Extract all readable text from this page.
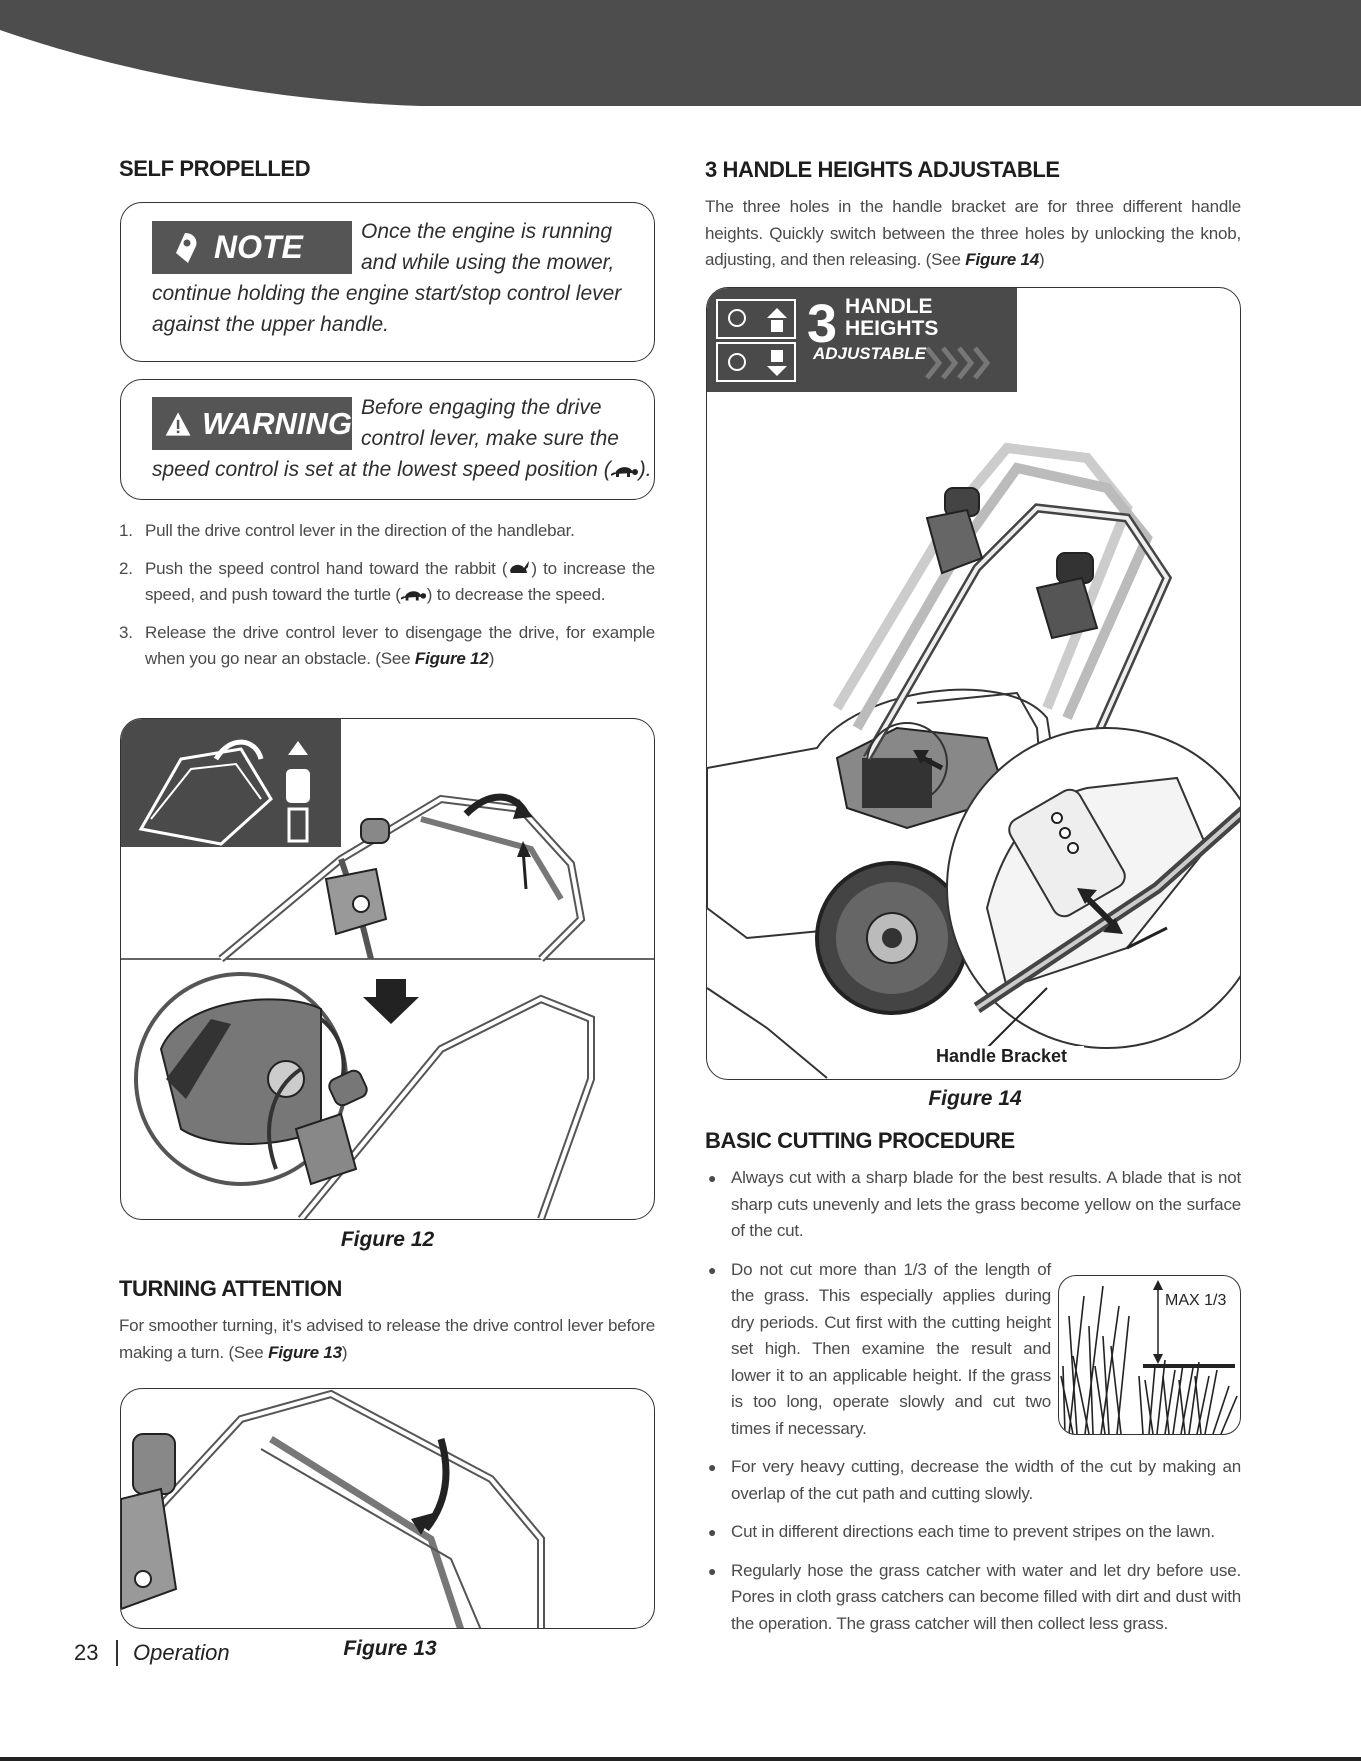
SELF PROPELLED
NOTE	Once the engine is running

and while using the mower,

continue holding the engine start/stop control lever

against the upper handle.

WARNING Before engaging the drive

control lever, make sure the

speed control is set at the lowest speed position ( ).

1. Pull the drive control lever in the direction of the handlebar.
2. Push the speed control hand toward the rabbit ( ) to increase the speed, and push toward the turtle ( ) to decrease the speed.
3. Release the drive control lever to disengage the drive, for example when you go near an obstacle. (See Figure 12)

Figure 12

TURNING ATTENTION

For smoother turning, it's advised to release the drive control lever before making a turn. (See Figure 13)

Figure 13

23 Operation
3 HANDLE HEIGHTS ADJUSTABLE

The three holes in the handle bracket are for three different handle heights. Quickly switch between the three holes by unlocking the knob, adjusting, and then releasing. (See Figure 14)

3 HANDLE
HEIGHTS
ADJUSTABLE
Handle Bracket

Figure 14

BASIC CUTTING PROCEDURE
MAX 1/3
● Always cut with a sharp blade for the best results. A blade that is not sharp cuts unevenly and lets the grass become yellow on the surface of the cut.
● Do not cut more than 1/3 of the length of the grass. This especially applies during dry periods. Cut first with the cutting height set high. Then examine the result and lower it to an applicable height. If the grass is too long, operate slowly and cut two times if necessary.
● For very heavy cutting, decrease the width of the cut by making an overlap of the cut path and cutting slowly.
● Cut in different directions each time to prevent stripes on the lawn.
● Regularly hose the grass catcher with water and let dry before use. Pores in cloth grass catchers can become filled with dirt and dust with the operation. The grass catcher will then collect less grass.
